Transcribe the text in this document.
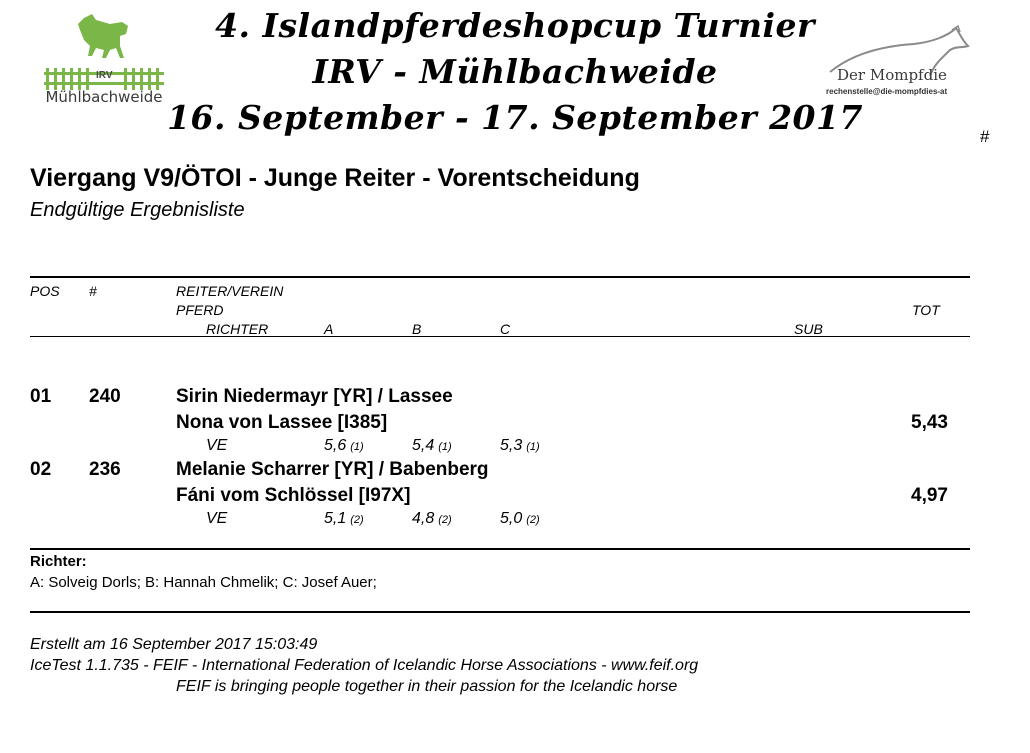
IRV
Mühlbachweide
4. Islandpferdeshopcup Turnier
IRV - Mühlbachweide
16. September - 17. September 2017
Der Mompfdie
rechenstelle@die-mompfdies-at
#
Viergang V9/ÖTOI - Junge Reiter - Vorentscheidung
Endgültige Ergebnisliste
POS #	REITER/VEREIN
PFERD	TOT
RICHTER	A	B	C	SUB
01 240	Sirin Niedermayr [YR] / Lassee
Nona von Lassee [I385]	5,43
VE	5,6 (1)	5,4 (1)	5,3 (1)
02 236	Melanie Scharrer [YR] / Babenberg
Fáni vom Schlössel [I97X]	4,97
VE	5,1 (2)	4,8 (2)	5,0 (2)
Richter:
A: Solveig Dorls; B: Hannah Chmelik; C: Josef Auer;
Erstellt am 16 September 2017 15:03:49
IceTest 1.1.735 - FEIF - International Federation of Icelandic Horse Associations - www.feif.org
FEIF is bringing people together in their passion for the Icelandic horse
